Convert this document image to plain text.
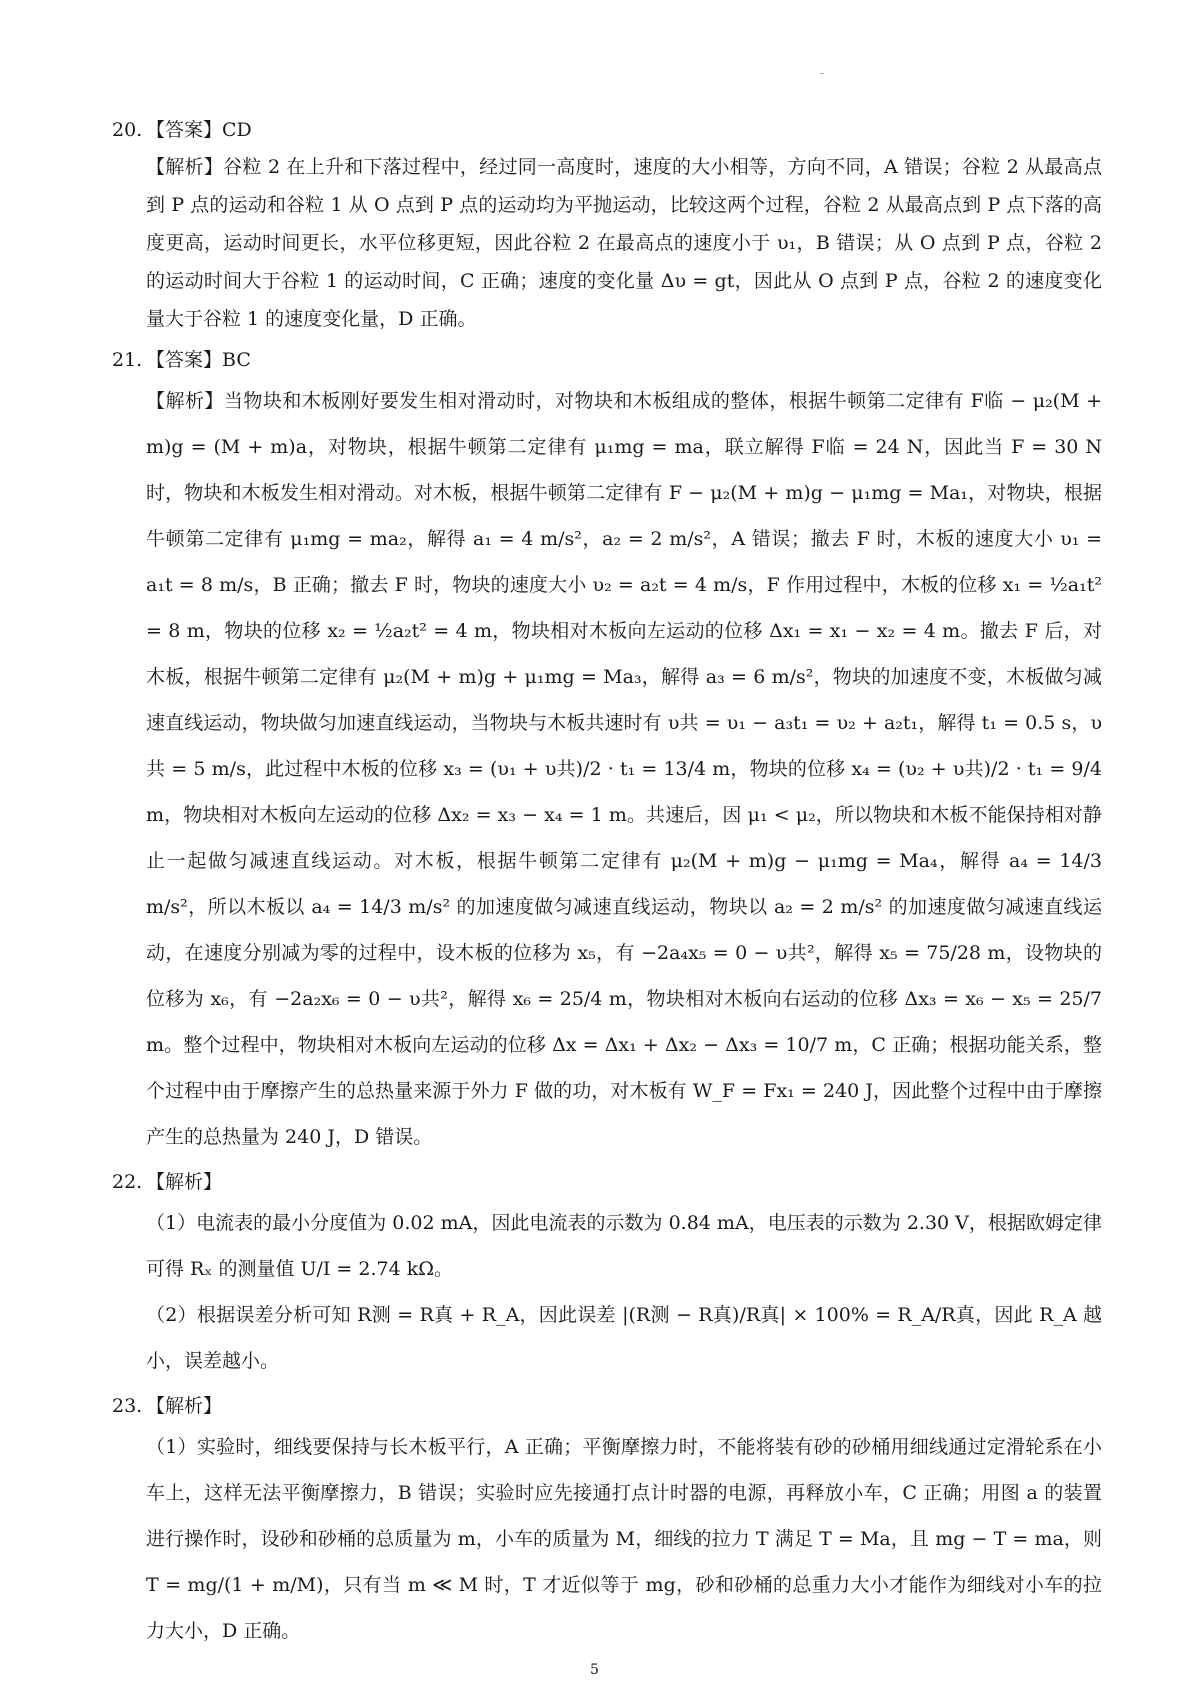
-
20. 【答案】CD
【解析】谷粒 2 在上升和下落过程中，经过同一高度时，速度的大小相等，方向不同，A 错误；谷粒 2 从最高点到 P 点的运动和谷粒 1 从 O 点到 P 点的运动均为平抛运动，比较这两个过程，谷粒 2 从最高点到 P 点下落的高度更高，运动时间更长，水平位移更短，因此谷粒 2 在最高点的速度小于 υ₁，B 错误；从 O 点到 P 点，谷粒 2 的运动时间大于谷粒 1 的运动时间，C 正确；速度的变化量 Δυ = gt，因此从 O 点到 P 点，谷粒 2 的速度变化量大于谷粒 1 的速度变化量，D 正确。
21. 【答案】BC
【解析】当物块和木板刚好要发生相对滑动时，对物块和木板组成的整体，根据牛顿第二定律有 F临 − μ₂(M + m)g = (M + m)a，对物块，根据牛顿第二定律有 μ₁mg = ma，联立解得 F临 = 24 N，因此当 F = 30 N 时，物块和木板发生相对滑动。对木板，根据牛顿第二定律有 F − μ₂(M + m)g − μ₁mg = Ma₁，对物块，根据牛顿第二定律有 μ₁mg = ma₂，解得 a₁ = 4 m/s²，a₂ = 2 m/s²，A 错误；撤去 F 时，木板的速度大小 υ₁ = a₁t = 8 m/s，B 正确；撤去 F 时，物块的速度大小 υ₂ = a₂t = 4 m/s，F 作用过程中，木板的位移 x₁ = ½a₁t² = 8 m，物块的位移 x₂ = ½a₂t² = 4 m，物块相对木板向左运动的位移 Δx₁ = x₁ − x₂ = 4 m。撤去 F 后，对木板，根据牛顿第二定律有 μ₂(M + m)g + μ₁mg = Ma₃，解得 a₃ = 6 m/s²，物块的加速度不变，木板做匀减速直线运动，物块做匀加速直线运动，当物块与木板共速时有 υ共 = υ₁ − a₃t₁ = υ₂ + a₂t₁，解得 t₁ = 0.5 s，υ共 = 5 m/s，此过程中木板的位移 x₃ = (υ₁ + υ共)/2 · t₁ = 13/4 m，物块的位移 x₄ = (υ₂ + υ共)/2 · t₁ = 9/4 m，物块相对木板向左运动的位移 Δx₂ = x₃ − x₄ = 1 m。共速后，因 μ₁ < μ₂，所以物块和木板不能保持相对静止一起做匀减速直线运动。对木板，根据牛顿第二定律有 μ₂(M + m)g − μ₁mg = Ma₄，解得 a₄ = 14/3 m/s²，所以木板以 a₄ = 14/3 m/s² 的加速度做匀减速直线运动，物块以 a₂ = 2 m/s² 的加速度做匀减速直线运动，在速度分别减为零的过程中，设木板的位移为 x₅，有 −2a₄x₅ = 0 − υ共²，解得 x₅ = 75/28 m，设物块的位移为 x₆，有 −2a₂x₆ = 0 − υ共²，解得 x₆ = 25/4 m，物块相对木板向右运动的位移 Δx₃ = x₆ − x₅ = 25/7 m。整个过程中，物块相对木板向左运动的位移 Δx = Δx₁ + Δx₂ − Δx₃ = 10/7 m，C 正确；根据功能关系，整个过程中由于摩擦产生的总热量来源于外力 F 做的功，对木板有 W_F = Fx₁ = 240 J，因此整个过程中由于摩擦产生的总热量为 240 J，D 错误。
22. 【解析】
（1）电流表的最小分度值为 0.02 mA，因此电流表的示数为 0.84 mA，电压表的示数为 2.30 V，根据欧姆定律可得 Rₓ 的测量值 U/I = 2.74 kΩ。
（2）根据误差分析可知 R测 = R真 + R_A，因此误差 |(R测 − R真)/R真| × 100% = R_A/R真，因此 R_A 越小，误差越小。
23. 【解析】
（1）实验时，细线要保持与长木板平行，A 正确；平衡摩擦力时，不能将装有砂的砂桶用细线通过定滑轮系在小车上，这样无法平衡摩擦力，B 错误；实验时应先接通打点计时器的电源，再释放小车，C 正确；用图 a 的装置进行操作时，设砂和砂桶的总质量为 m，小车的质量为 M，细线的拉力 T 满足 T = Ma，且 mg − T = ma，则 T = mg/(1 + m/M)，只有当 m ≪ M 时，T 才近似等于 mg，砂和砂桶的总重力大小才能作为细线对小车的拉力大小，D 正确。
5
